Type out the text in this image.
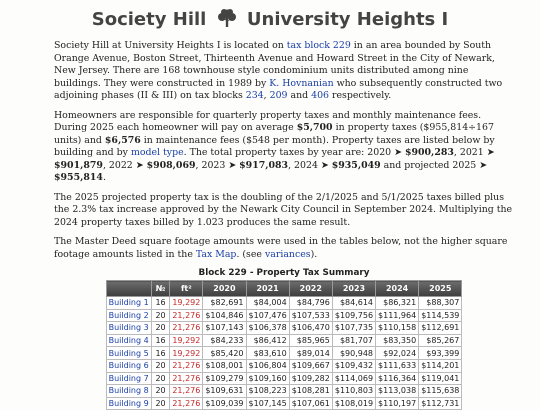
Society Hill University Heights I

Society Hill at University Heights I is located on tax block 229 in an area bounded by South Orange Avenue, Boston Street, Thirteenth Avenue and Howard Street in the City of Newark, New Jersey. There are 168 townhouse style condominium units distributed among nine buildings. They were constructed in 1989 by K. Hovnanian who subsequently constructed two adjoining phases (II & III) on tax blocks 234, 209 and 406 respectively.

Homeowners are responsible for quarterly property taxes and monthly maintenance fees. During 2025 each homeowner will pay on average $5,700 in property taxes ($955,814÷167 units) and $6,576 in maintenance fees ($548 per month). Property taxes are listed below by building and by model type. The total property taxes by year are: 2020 ➤ $900,283, 2021 ➤ $901,879, 2022 ➤ $908,069, 2023 ➤ $917,083, 2024 ➤ $935,049 and projected 2025 ➤ $955,814.

The 2025 projected property tax is the doubling of the 2/1/2025 and 5/1/2025 taxes billed plus the 2.3% tax increase approved by the Newark City Council in September 2024. Multiplying the 2024 property taxes billed by 1.023 produces the same result.

The Master Deed square footage amounts were used in the tables below, not the higher square footage amounts listed in the Tax Map. (see variances).

Block 229 - Property Tax Summary
	№	ft²	2020	2021	2022	2023	2024	2025
Building 1	16	19,292	$82,691	$84,004	$84,796	$84,614	$86,321	$88,307
Building 2	20	21,276	$104,846	$107,476	$107,533	$109,756	$111,964	$114,539
Building 3	20	21,276	$107,143	$106,378	$106,470	$107,735	$110,158	$112,691
Building 4	16	19,292	$84,233	$86,412	$85,965	$81,707	$83,350	$85,267
Building 5	16	19,292	$85,420	$83,610	$89,014	$90,948	$92,024	$93,399
Building 6	20	21,276	$108,001	$106,804	$109,667	$109,432	$111,633	$114,201
Building 7	20	21,276	$109,279	$109,160	$109,282	$114,069	$116,364	$119,041
Building 8	20	21,276	$109,631	$108,223	$108,281	$110,803	$113,038	$115,638
Building 9	20	21,276	$109,039	$107,145	$107,061	$108,019	$110,197	$112,731
